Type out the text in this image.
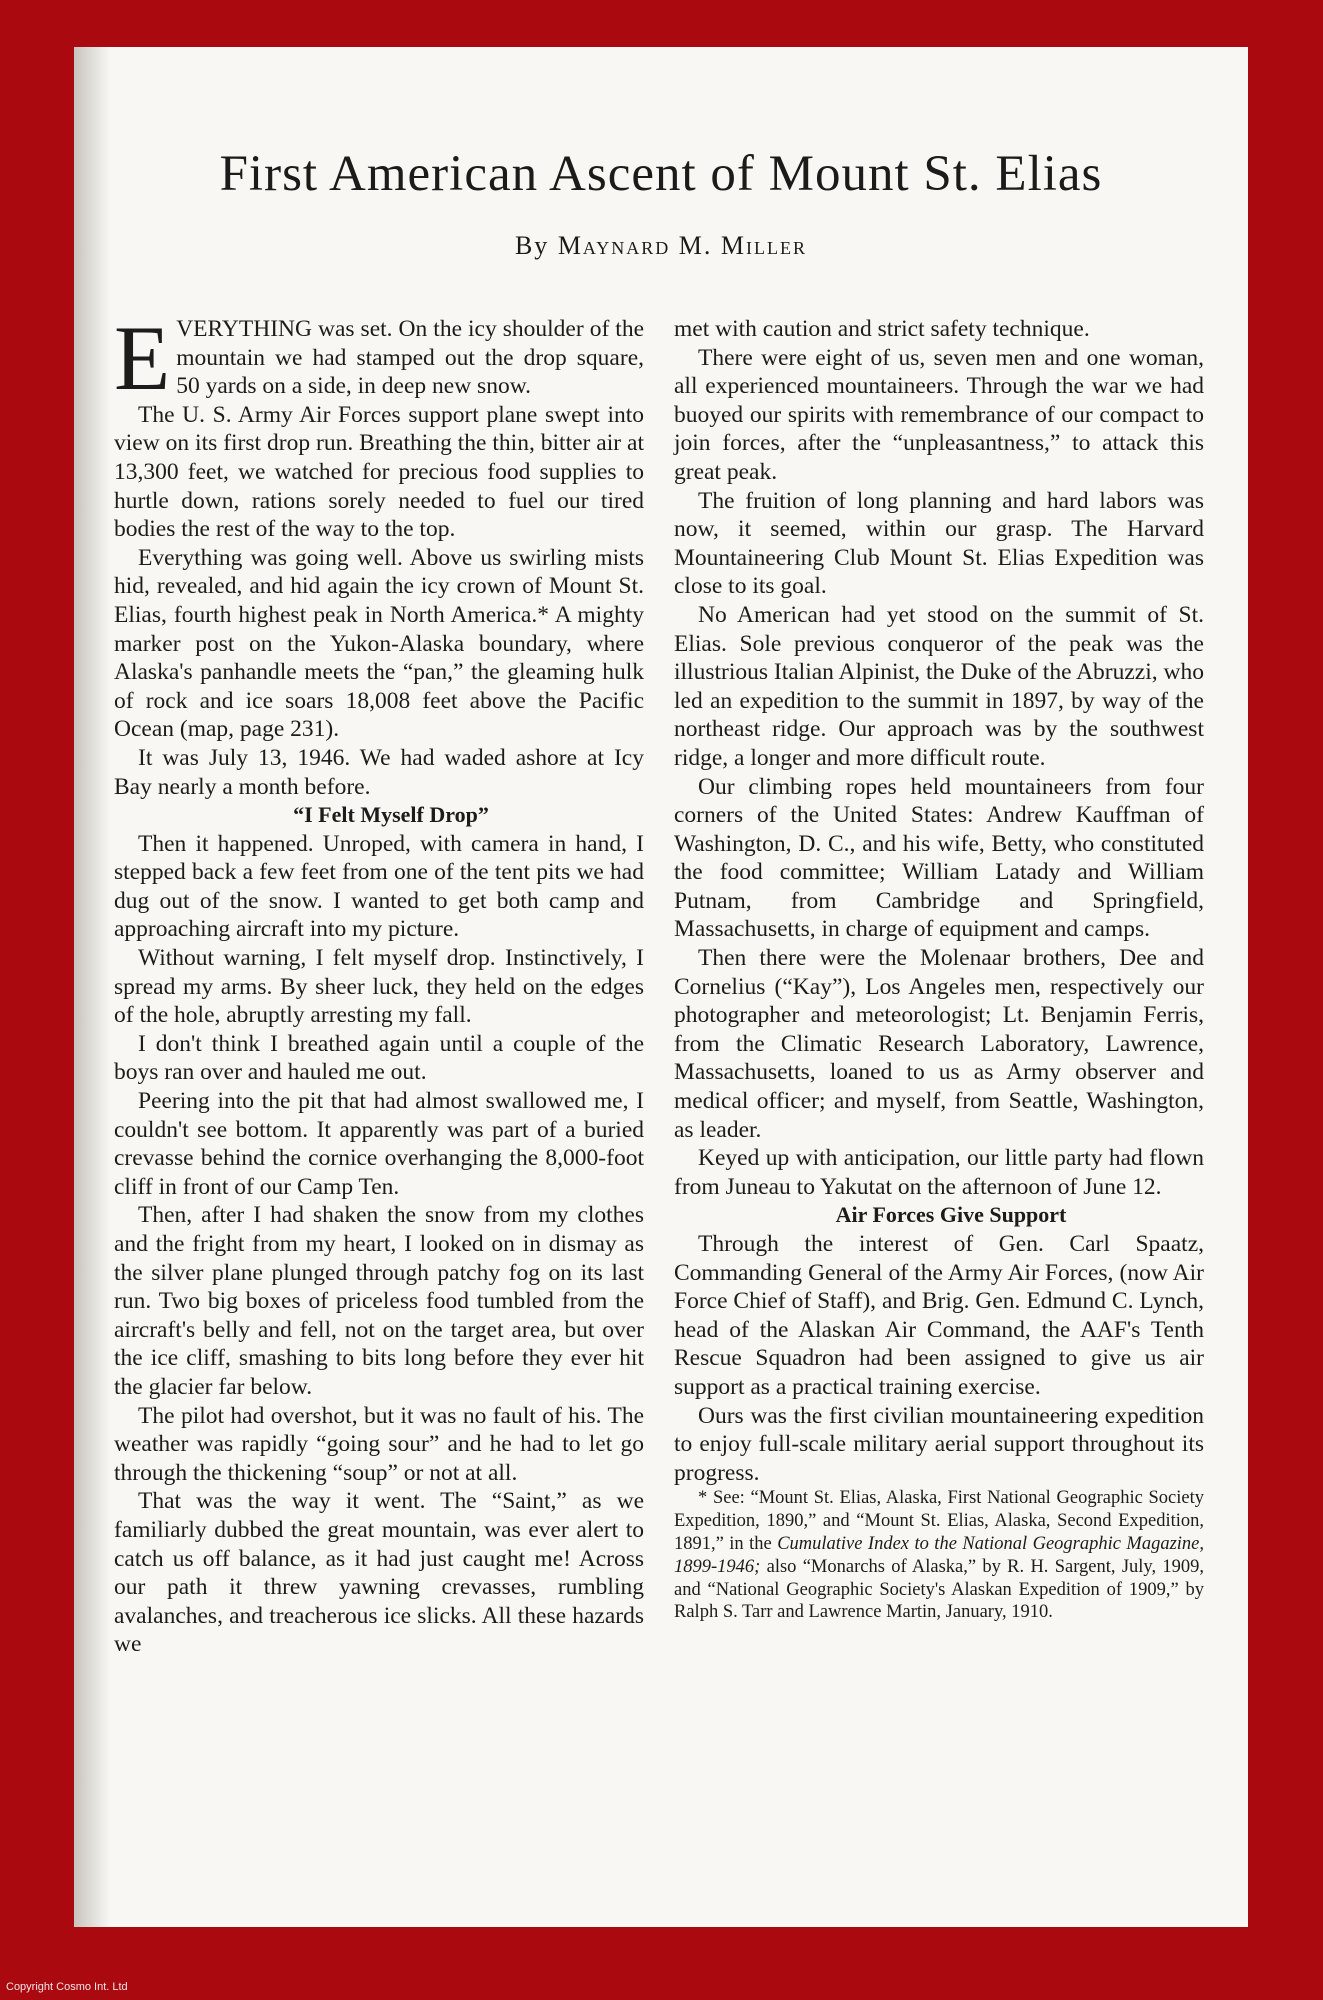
First American Ascent of Mount St. Elias
By Maynard M. Miller

EVERYTHING was set. On the icy shoulder of the mountain we had stamped out the drop square, 50 yards on a side, in deep new snow.

The U. S. Army Air Forces support plane swept into view on its first drop run. Breathing the thin, bitter air at 13,300 feet, we watched for precious food supplies to hurtle down, rations sorely needed to fuel our tired bodies the rest of the way to the top.

Everything was going well. Above us swirling mists hid, revealed, and hid again the icy crown of Mount St. Elias, fourth highest peak in North America.* A mighty marker post on the Yukon-Alaska boundary, where Alaska's panhandle meets the “pan,” the gleaming hulk of rock and ice soars 18,008 feet above the Pacific Ocean (map, page 231).

It was July 13, 1946. We had waded ashore at Icy Bay nearly a month before.

“I Felt Myself Drop”

Then it happened. Unroped, with camera in hand, I stepped back a few feet from one of the tent pits we had dug out of the snow. I wanted to get both camp and approaching aircraft into my picture.

Without warning, I felt myself drop. Instinctively, I spread my arms. By sheer luck, they held on the edges of the hole, abruptly arresting my fall.

I don't think I breathed again until a couple of the boys ran over and hauled me out.

Peering into the pit that had almost swallowed me, I couldn't see bottom. It apparently was part of a buried crevasse behind the cornice overhanging the 8,000-foot cliff in front of our Camp Ten.

Then, after I had shaken the snow from my clothes and the fright from my heart, I looked on in dismay as the silver plane plunged through patchy fog on its last run. Two big boxes of priceless food tumbled from the aircraft's belly and fell, not on the target area, but over the ice cliff, smashing to bits long before they ever hit the glacier far below.

The pilot had overshot, but it was no fault of his. The weather was rapidly “going sour” and he had to let go through the thickening “soup” or not at all.

That was the way it went. The “Saint,” as we familiarly dubbed the great mountain, was ever alert to catch us off balance, as it had just caught me! Across our path it threw yawning crevasses, rumbling avalanches, and treacherous ice slicks. All these hazards we

met with caution and strict safety technique.

There were eight of us, seven men and one woman, all experienced mountaineers. Through the war we had buoyed our spirits with remembrance of our compact to join forces, after the “unpleasantness,” to attack this great peak.

The fruition of long planning and hard labors was now, it seemed, within our grasp. The Harvard Mountaineering Club Mount St. Elias Expedition was close to its goal.

No American had yet stood on the summit of St. Elias. Sole previous conqueror of the peak was the illustrious Italian Alpinist, the Duke of the Abruzzi, who led an expedition to the summit in 1897, by way of the northeast ridge. Our approach was by the southwest ridge, a longer and more difficult route.

Our climbing ropes held mountaineers from four corners of the United States: Andrew Kauffman of Washington, D. C., and his wife, Betty, who constituted the food committee; William Latady and William Putnam, from Cambridge and Springfield, Massachusetts, in charge of equipment and camps.

Then there were the Molenaar brothers, Dee and Cornelius (“Kay”), Los Angeles men, respectively our photographer and meteorologist; Lt. Benjamin Ferris, from the Climatic Research Laboratory, Lawrence, Massachusetts, loaned to us as Army observer and medical officer; and myself, from Seattle, Washington, as leader.

Keyed up with anticipation, our little party had flown from Juneau to Yakutat on the afternoon of June 12.

Air Forces Give Support

Through the interest of Gen. Carl Spaatz, Commanding General of the Army Air Forces, (now Air Force Chief of Staff), and Brig. Gen. Edmund C. Lynch, head of the Alaskan Air Command, the AAF's Tenth Rescue Squadron had been assigned to give us air support as a practical training exercise.

Ours was the first civilian mountaineering expedition to enjoy full-scale military aerial support throughout its progress.

* See: “Mount St. Elias, Alaska, First National Geographic Society Expedition, 1890,” and “Mount St. Elias, Alaska, Second Expedition, 1891,” in the Cumulative Index to the National Geographic Magazine, 1899-1946; also “Monarchs of Alaska,” by R. H. Sargent, July, 1909, and “National Geographic Society's Alaskan Expedition of 1909,” by Ralph S. Tarr and Lawrence Martin, January, 1910.

Copyright Cosmo Int. Ltd
